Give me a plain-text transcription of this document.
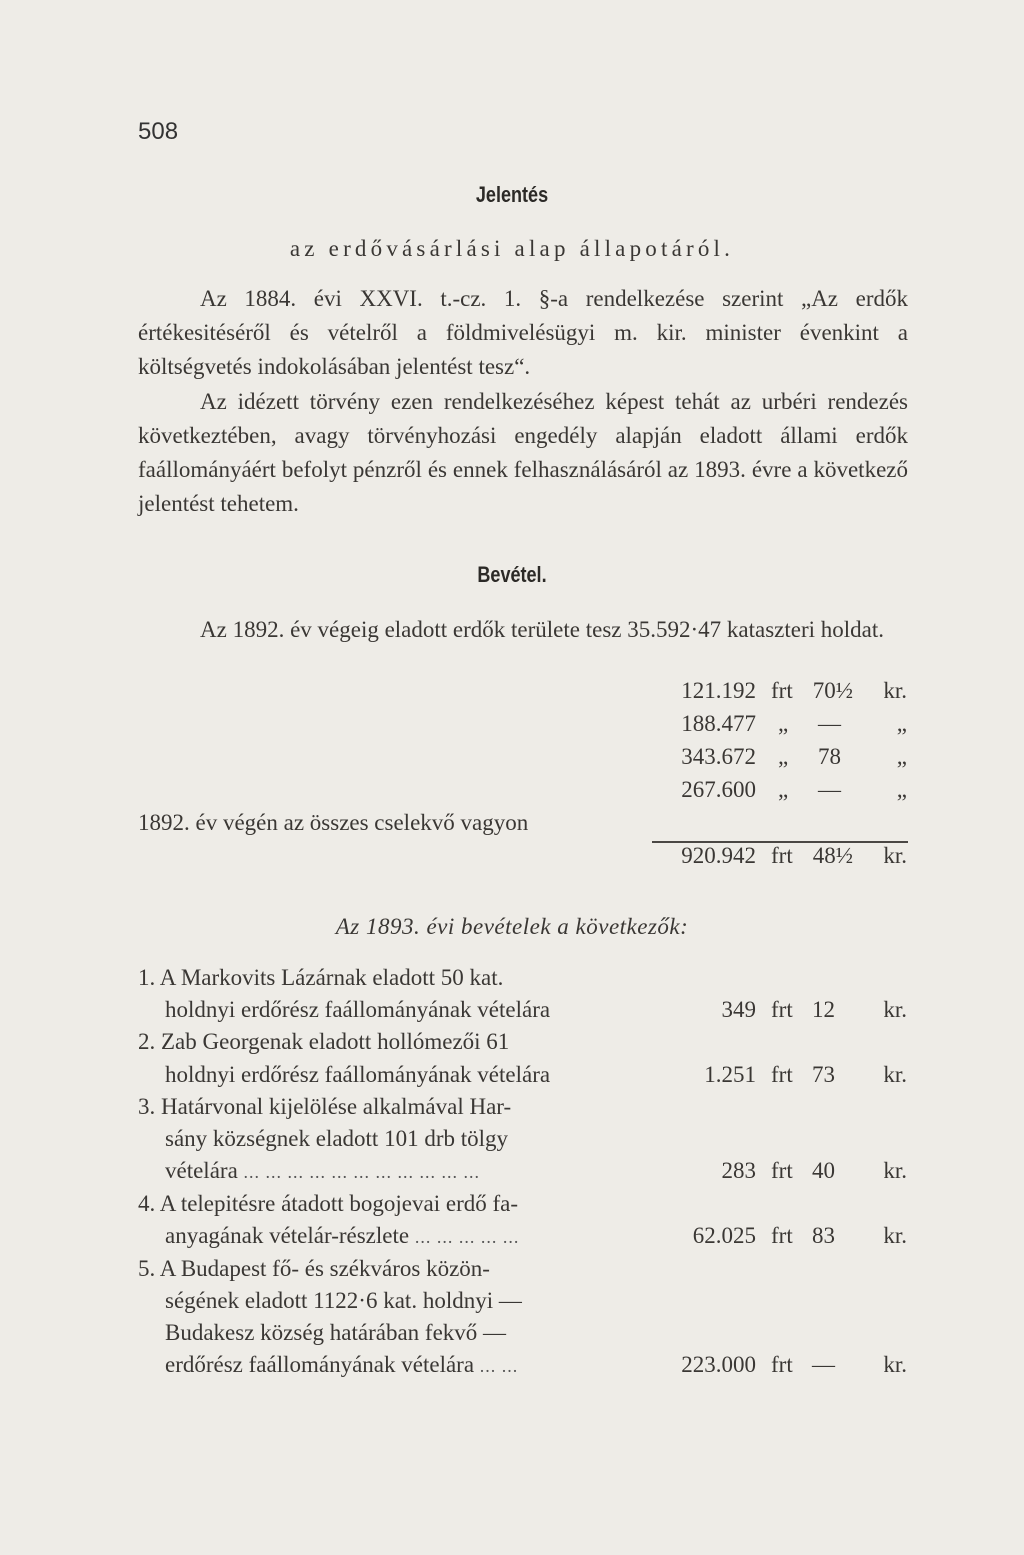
508
Jelentés
az erdővásárlási alap állapotáról.

Az 1884. évi XXVI. t.-cz. 1. §-a rendelkezése szerint „Az erdők értékesitéséről és vételről a földmivelésügyi m. kir. minister évenkint a költségvetés indokolásában jelentést tesz“.

Az idézett törvény ezen rendelkezéséhez képest tehát az urbéri rendezés következtében, avagy törvényhozási engedély alapján eladott állami erdők faállományáért befolyt pénzről és ennek felhasználásáról az 1893. évre a következő jelentést tehetem.

Bevétel.

Az 1892. év végeig eladott erdők területe tesz 35.592·47 kataszteri holdat.

121.192 frt 70½	kr.
188.477 „	—	„
343.672 „	78	„
267.600 „	—	„
1892. év végén az összes cselekvő vagyon
920.942 frt 48½	kr.
Az 1893. évi bevételek a következők:
1. A Markovits Lázárnak eladott 50 kat.
holdnyi erdőrész faállományának vételára	349 frt 12	kr.
2. Zab Georgenak eladott hollómezői 61
holdnyi erdőrész faállományának vételára	1.251 frt 73	kr.
3. Határvonal kijelölése alkalmával Har-
sány községnek eladott 101 drb tölgy
vételára ... ... ... ... ... ... ... ... ... ... ...	283 frt 40	kr.
4. A telepitésre átadott bogojevai erdő fa-
anyagának vételár-részlete ... ... ... ... ...	62.025 frt 83	kr.
5. A Budapest fő- és székváros közön-
ségének eladott 1122·6 kat. holdnyi —
Budakesz község határában fekvő —
erdőrész faállományának vételára ... ...	223.000 frt —	kr.
